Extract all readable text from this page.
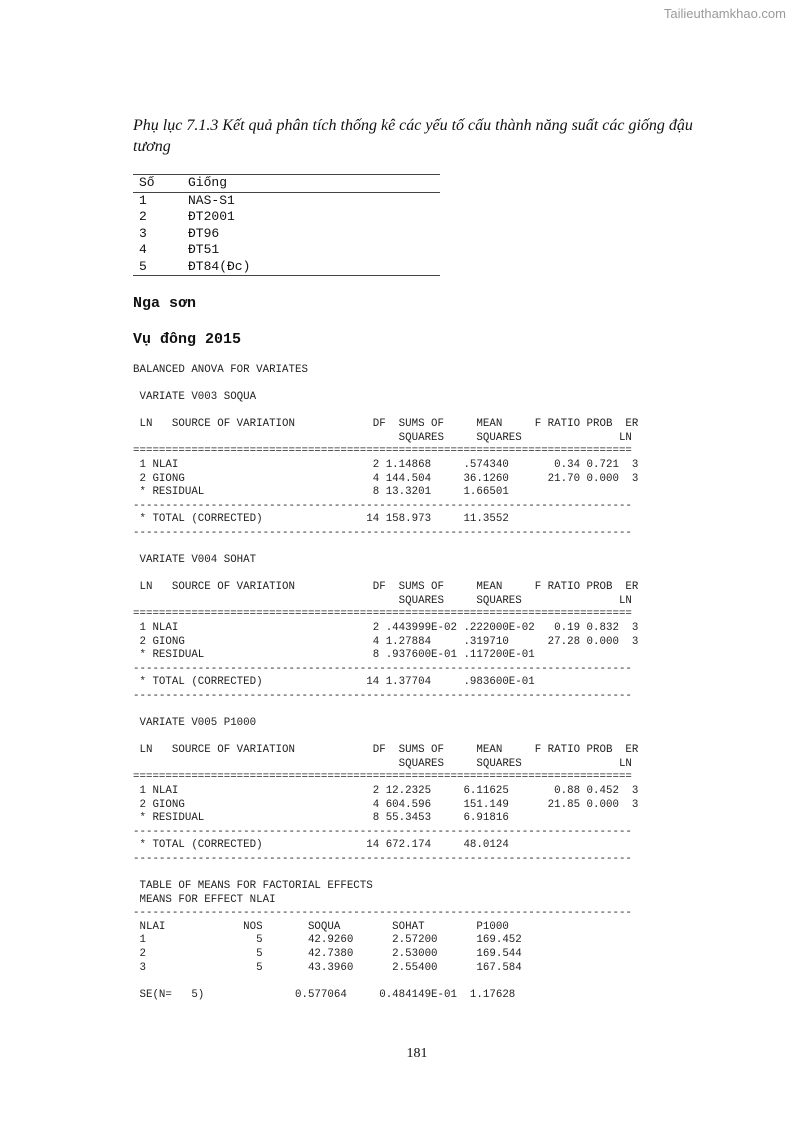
Tailieuthamkhao.com
Phụ lục 7.1.3 Kết quả phân tích thống kê các yếu tố cấu thành năng suất các giống đậu tương
Số	Giống
1	NAS-S1
2	ĐT2001
3	ĐT96
4	ĐT51
5	ĐT84(Đc)
Nga sơn
Vụ đông 2015
BALANCED ANOVA FOR VARIATES
VARIATE V003 SOQUA

LN   SOURCE OF VARIATION            DF  SUMS OF     MEAN     F RATIO PROB  ER
SQUARES     SQUARES               LN
=============================================================================
1 NLAI                              2 1.14868     .574340       0.34 0.721  3
2 GIONG                             4 144.504     36.1260      21.70 0.000  3
* RESIDUAL                          8 13.3201     1.66501
-----------------------------------------------------------------------------
* TOTAL (CORRECTED)                14 158.973     11.3552
-----------------------------------------------------------------------------
VARIATE V004 SOHAT

LN   SOURCE OF VARIATION            DF  SUMS OF     MEAN     F RATIO PROB  ER
SQUARES     SQUARES               LN
=============================================================================
1 NLAI                              2 .443999E-02 .222000E-02   0.19 0.832  3
2 GIONG                             4 1.27884     .319710      27.28 0.000  3
* RESIDUAL                          8 .937600E-01 .117200E-01
-----------------------------------------------------------------------------
* TOTAL (CORRECTED)                14 1.37704     .983600E-01
-----------------------------------------------------------------------------
VARIATE V005 P1000

LN   SOURCE OF VARIATION            DF  SUMS OF     MEAN     F RATIO PROB  ER
SQUARES     SQUARES               LN
=============================================================================
1 NLAI                              2 12.2325     6.11625       0.88 0.452  3
2 GIONG                             4 604.596     151.149      21.85 0.000  3
* RESIDUAL                          8 55.3453     6.91816
-----------------------------------------------------------------------------
* TOTAL (CORRECTED)                14 672.174     48.0124
-----------------------------------------------------------------------------
TABLE OF MEANS FOR FACTORIAL EFFECTS
MEANS FOR EFFECT NLAI
-----------------------------------------------------------------------------
NLAI            NOS       SOQUA        SOHAT        P1000
1                 5       42.9260      2.57200      169.452
2                 5       42.7380      2.53000      169.544
3                 5       43.3960      2.55400      167.584

SE(N=   5)              0.577064     0.484149E-01  1.17628
181
